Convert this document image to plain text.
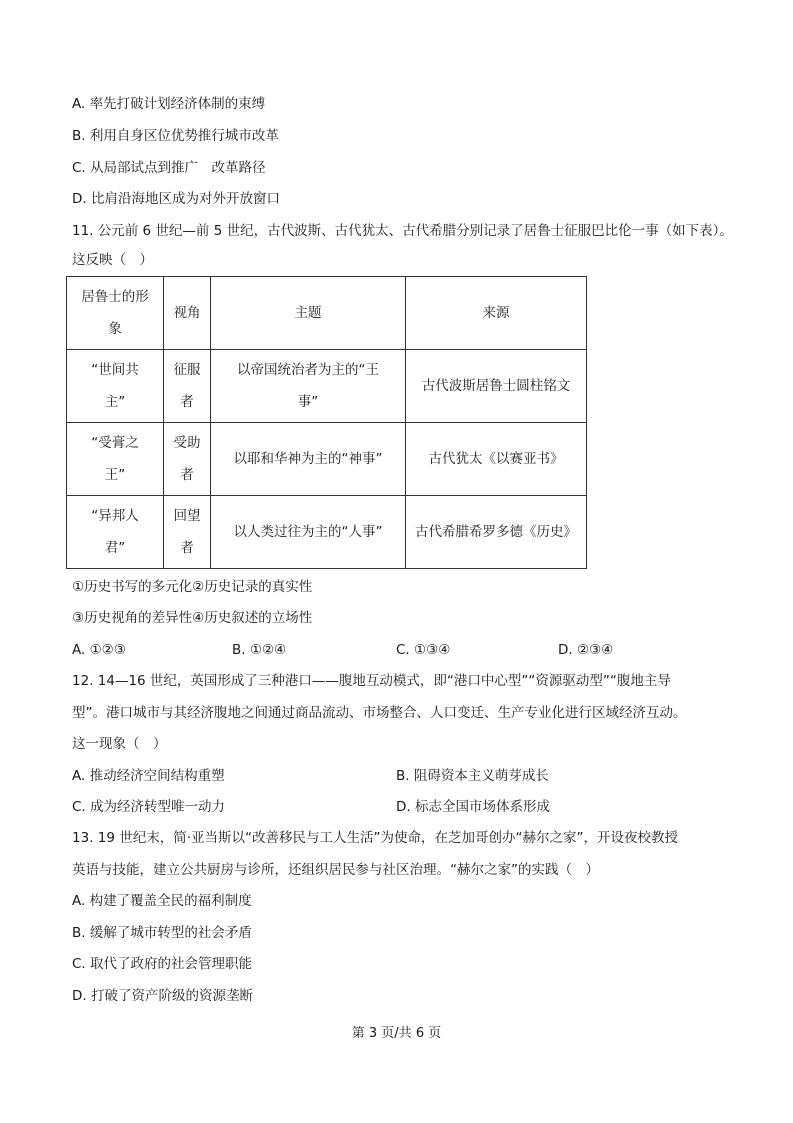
A. 率先打破计划经济体制的束缚
B. 利用自身区位优势推行城市改革
C. 从局部试点到推广　改革路径
D. 比肩沿海地区成为对外开放窗口
11. 公元前 6 世纪—前 5 世纪，古代波斯、古代犹太、古代希腊分别记录了居鲁士征服巴比伦一事（如下表）。
这反映（　）
居鲁士的形象	视角	主题	来源

“世间共主”	征服者	以帝国统治者为主的“王事”	古代波斯居鲁士圆柱铭文

“受膏之王”	受助者	以耶和华神为主的“神事”	古代犹太《以赛亚书》

“异邦人君”	回望者	以人类过往为主的“人事”	古代希腊希罗多德《历史》
①历史书写的多元化②历史记录的真实性
③历史视角的差异性④历史叙述的立场性
A. ①②③	B. ①②④	C. ①③④	D. ②③④
12. 14—16 世纪，英国形成了三种港口——腹地互动模式，即“港口中心型”“资源驱动型”“腹地主导
型”。港口城市与其经济腹地之间通过商品流动、市场整合、人口变迁、生产专业化进行区域经济互动。
这一现象（　）
A. 推动经济空间结构重塑	B. 阻碍资本主义萌芽成长
C. 成为经济转型唯一动力	D. 标志全国市场体系形成
13. 19 世纪末，简·亚当斯以“改善移民与工人生活”为使命，在芝加哥创办“赫尔之家”，开设夜校教授
英语与技能，建立公共厨房与诊所，还组织居民参与社区治理。“赫尔之家”的实践（　）
A. 构建了覆盖全民的福利制度
B. 缓解了城市转型的社会矛盾
C. 取代了政府的社会管理职能
D. 打破了资产阶级的资源垄断
第 3 页/共 6 页
